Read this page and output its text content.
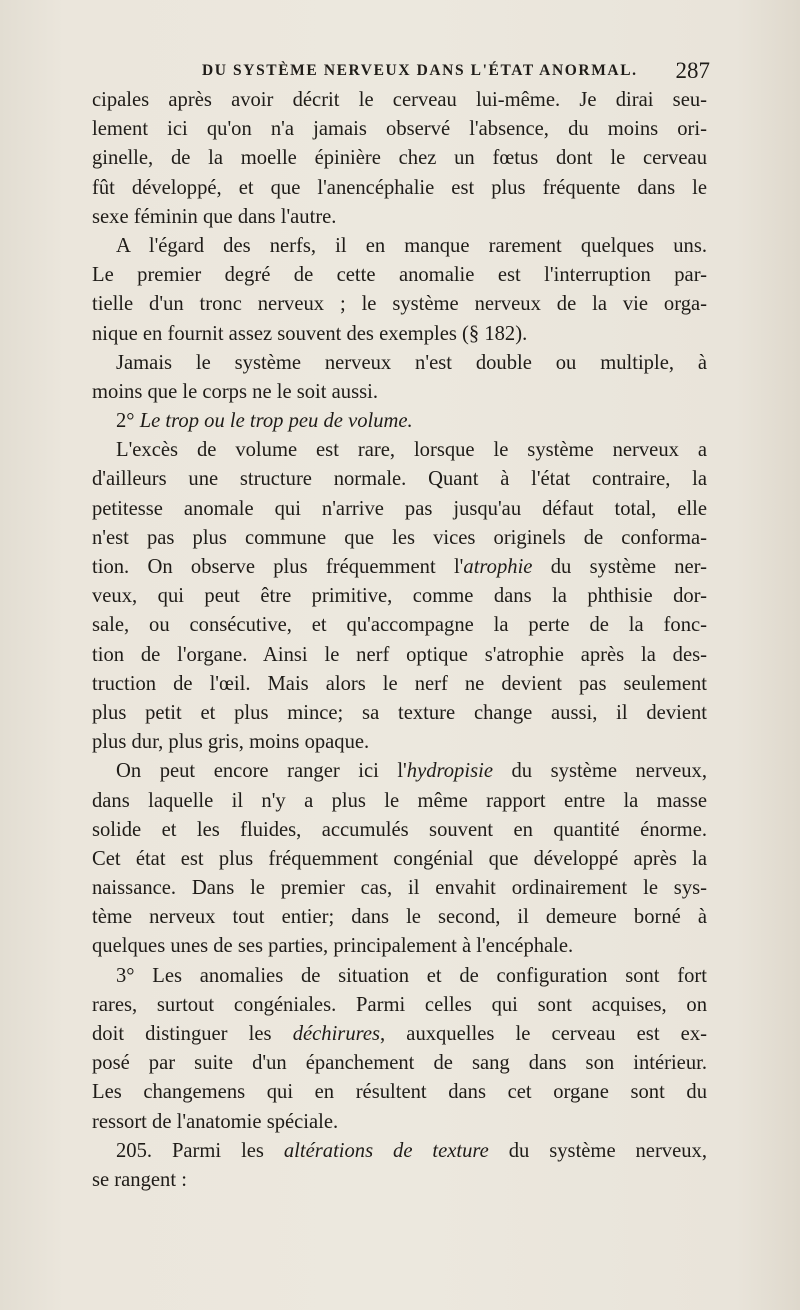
DU SYSTÈME NERVEUX DANS L'ÉTAT ANORMAL. 287
cipales après avoir décrit le cerveau lui-même. Je dirai seu-
lement ici qu'on n'a jamais observé l'absence, du moins ori-
ginelle, de la moelle épinière chez un fœtus dont le cerveau
fût développé, et que l'anencéphalie est plus fréquente dans le
sexe féminin que dans l'autre.
A l'égard des nerfs, il en manque rarement quelques uns.
Le premier degré de cette anomalie est l'interruption par-
tielle d'un tronc nerveux ; le système nerveux de la vie orga-
nique en fournit assez souvent des exemples (§ 182).
Jamais le système nerveux n'est double ou multiple, à
moins que le corps ne le soit aussi.
2° Le trop ou le trop peu de volume.
L'excès de volume est rare, lorsque le système nerveux a
d'ailleurs une structure normale. Quant à l'état contraire, la
petitesse anomale qui n'arrive pas jusqu'au défaut total, elle
n'est pas plus commune que les vices originels de conforma-
tion. On observe plus fréquemment l'atrophie du système ner-
veux, qui peut être primitive, comme dans la phthisie dor-
sale, ou consécutive, et qu'accompagne la perte de la fonc-
tion de l'organe. Ainsi le nerf optique s'atrophie après la des-
truction de l'œil. Mais alors le nerf ne devient pas seulement
plus petit et plus mince; sa texture change aussi, il devient
plus dur, plus gris, moins opaque.
On peut encore ranger ici l'hydropisie du système nerveux,
dans laquelle il n'y a plus le même rapport entre la masse
solide et les fluides, accumulés souvent en quantité énorme.
Cet état est plus fréquemment congénial que développé après la
naissance. Dans le premier cas, il envahit ordinairement le sys-
tème nerveux tout entier; dans le second, il demeure borné à
quelques unes de ses parties, principalement à l'encéphale.
3° Les anomalies de situation et de configuration sont fort
rares, surtout congéniales. Parmi celles qui sont acquises, on
doit distinguer les déchirures, auxquelles le cerveau est ex-
posé par suite d'un épanchement de sang dans son intérieur.
Les changemens qui en résultent dans cet organe sont du
ressort de l'anatomie spéciale.
205. Parmi les altérations de texture du système nerveux,
se rangent :
